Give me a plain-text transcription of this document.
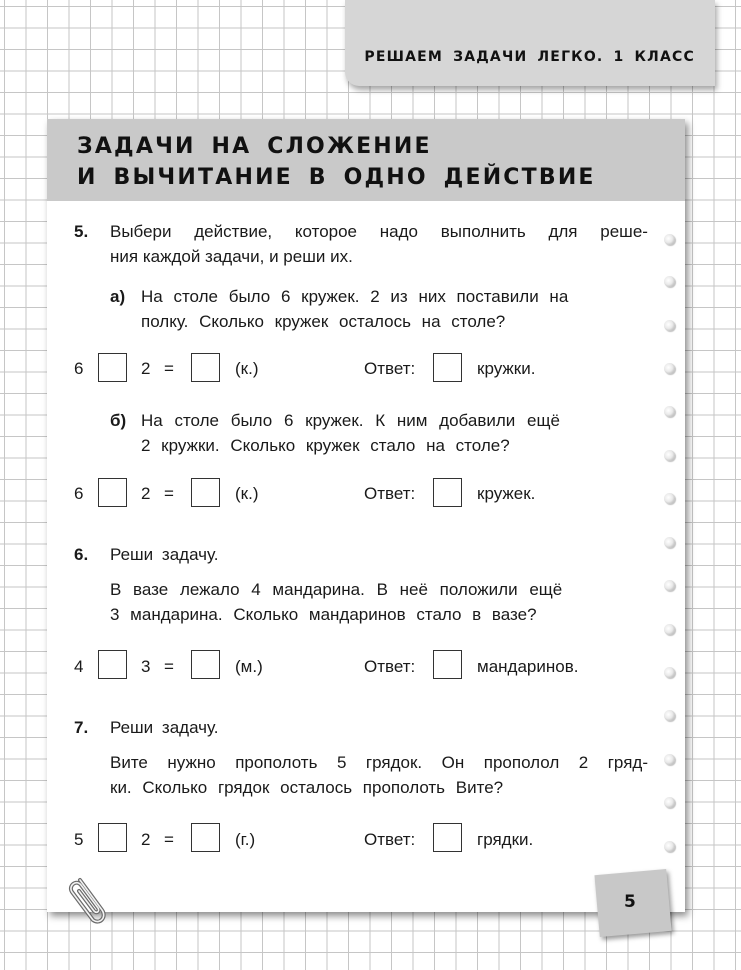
РЕШАЕМ ЗАДАЧИ ЛЕГКО. 1 КЛАСС
ЗАДАЧИ НА СЛОЖЕНИЕ
И ВЫЧИТАНИЕ В ОДНО ДЕЙСТВИЕ
5. Выбери действие, которое надо выполнить для реше-
ния каждой задачи, и реши их.
а) На столе было 6 кружек. 2 из них поставили на
полку. Сколько кружек осталось на столе?
6	2 =	(к.)	Ответ:	кружки.
б) На столе было 6 кружек. К ним добавили ещё
2 кружки. Сколько кружек стало на столе?
6	2 =	(к.)	Ответ:	кружек.
6. Реши задачу.
В вазе лежало 4 мандарина. В неё положили ещё
3 мандарина. Сколько мандаринов стало в вазе?
4	3 =	(м.)	Ответ:	мандаринов.
7. Реши задачу.
Вите нужно прополоть 5 грядок. Он прополол 2 гряд-
ки. Сколько грядок осталось прополоть Вите?
5	2 =	(г.)	Ответ:	грядки.
5
